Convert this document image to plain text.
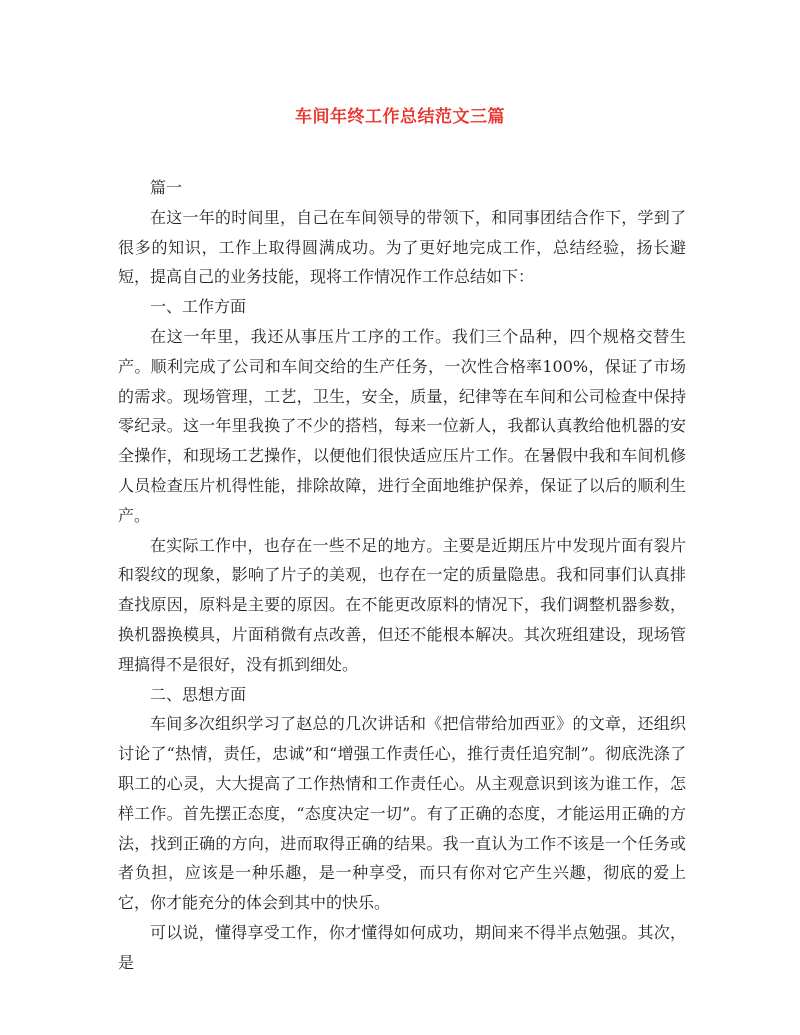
车间年终工作总结范文三篇

篇一

在这一年的时间里，自己在车间领导的带领下，和同事团结合作下，学到了很多的知识，工作上取得圆满成功。为了更好地完成工作，总结经验，扬长避短，提高自己的业务技能，现将工作情况作工作总结如下：

一、工作方面

在这一年里，我还从事压片工序的工作。我们三个品种，四个规格交替生产。顺利完成了公司和车间交给的生产任务，一次性合格率100%，保证了市场的需求。现场管理，工艺，卫生，安全，质量，纪律等在车间和公司检查中保持零纪录。这一年里我换了不少的搭档，每来一位新人，我都认真教给他机器的安全操作，和现场工艺操作，以便他们很快适应压片工作。在暑假中我和车间机修人员检查压片机得性能，排除故障，进行全面地维护保养，保证了以后的顺利生产。

在实际工作中，也存在一些不足的地方。主要是近期压片中发现片面有裂片和裂纹的现象，影响了片子的美观，也存在一定的质量隐患。我和同事们认真排查找原因，原料是主要的原因。在不能更改原料的情况下，我们调整机器参数，换机器换模具，片面稍微有点改善，但还不能根本解决。其次班组建设，现场管理搞得不是很好，没有抓到细处。

二、思想方面

车间多次组织学习了赵总的几次讲话和《把信带给加西亚》的文章，还组织讨论了“热情，责任，忠诚”和“增强工作责任心，推行责任追究制”。彻底洗涤了职工的心灵，大大提高了工作热情和工作责任心。从主观意识到该为谁工作，怎样工作。首先摆正态度，“态度决定一切”。有了正确的态度，才能运用正确的方法，找到正确的方向，进而取得正确的结果。我一直认为工作不该是一个任务或者负担，应该是一种乐趣，是一种享受，而只有你对它产生兴趣，彻底的爱上它，你才能充分的体会到其中的快乐。

可以说，懂得享受工作，你才懂得如何成功，期间来不得半点勉强。其次，是
